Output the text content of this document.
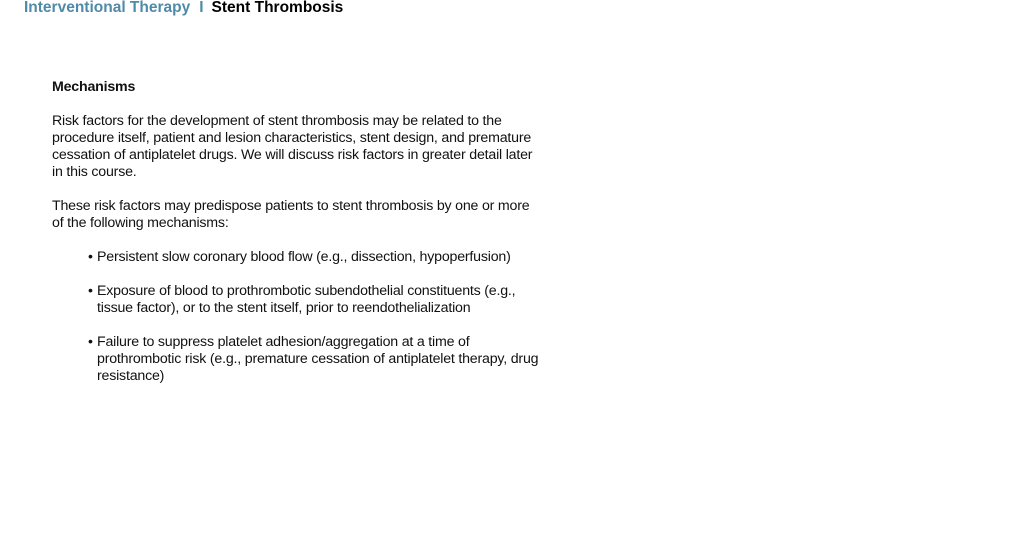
Interventional Therapy I Stent Thrombosis
Mechanisms
Risk factors for the development of stent thrombosis may be related to the procedure itself, patient and lesion characteristics, stent design, and premature cessation of antiplatelet drugs. We will discuss risk factors in greater detail later in this course.
These risk factors may predispose patients to stent thrombosis by one or more of the following mechanisms:
• Persistent slow coronary blood flow (e.g., dissection, hypoperfusion)
• Exposure of blood to prothrombotic subendothelial constituents (e.g., tissue factor), or to the stent itself, prior to reendothelialization
• Failure to suppress platelet adhesion/aggregation at a time of prothrombotic risk (e.g., premature cessation of antiplatelet therapy, drug resistance)
